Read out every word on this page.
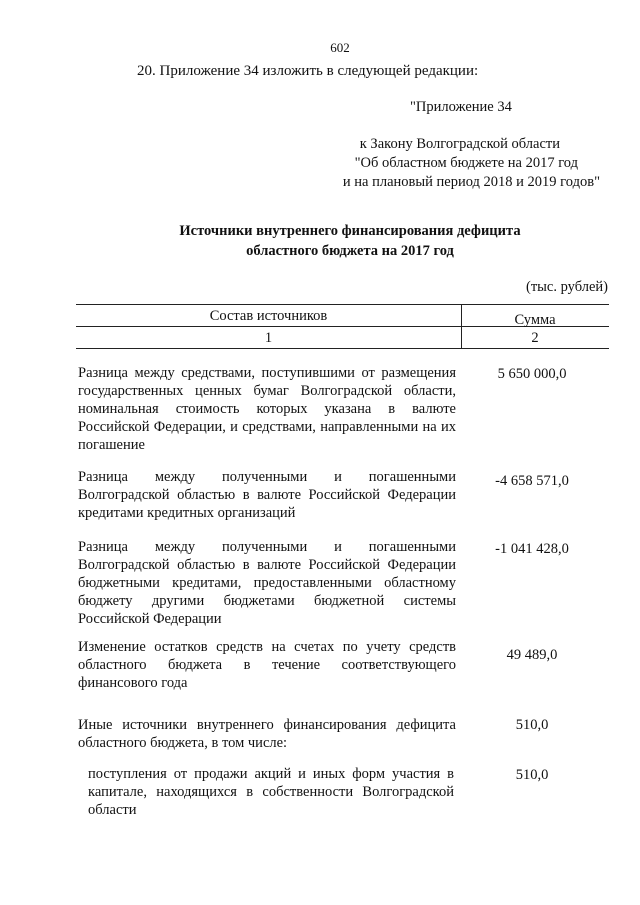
602
20. Приложение 34 изложить в следующей редакции:
"Приложение 34
к Закону Волгоградской области
"Об областном бюджете на 2017 год
и на плановый период 2018 и 2019 годов"
Источники внутреннего финансирования дефицита
областного бюджета на 2017 год
(тыс. рублей)
Состав источников	Сумма
1	2
Разница между средствами, поступившими от размещения государственных ценных бумаг Волгоградской области, номинальная стоимость которых указана в валюте Российской Федерации, и средствами, направленными на их погашение
5 650 000,0
Разница между полученными и погашенными Волгоградской областью в валюте Российской Федерации кредитами кредитных организаций
-4 658 571,0
Разница между полученными и погашенными Волгоградской областью в валюте Российской Федерации бюджетными кредитами, предоставленными областному бюджету другими бюджетами бюджетной системы Российской Федерации
-1 041 428,0
Изменение остатков средств на счетах по учету средств областного бюджета в течение соответствующего финансового года
49 489,0
Иные источники внутреннего финансирования дефицита областного бюджета, в том числе:
510,0
поступления от продажи акций и иных форм участия в капитале, находящихся в собственности Волгоградской области
510,0
